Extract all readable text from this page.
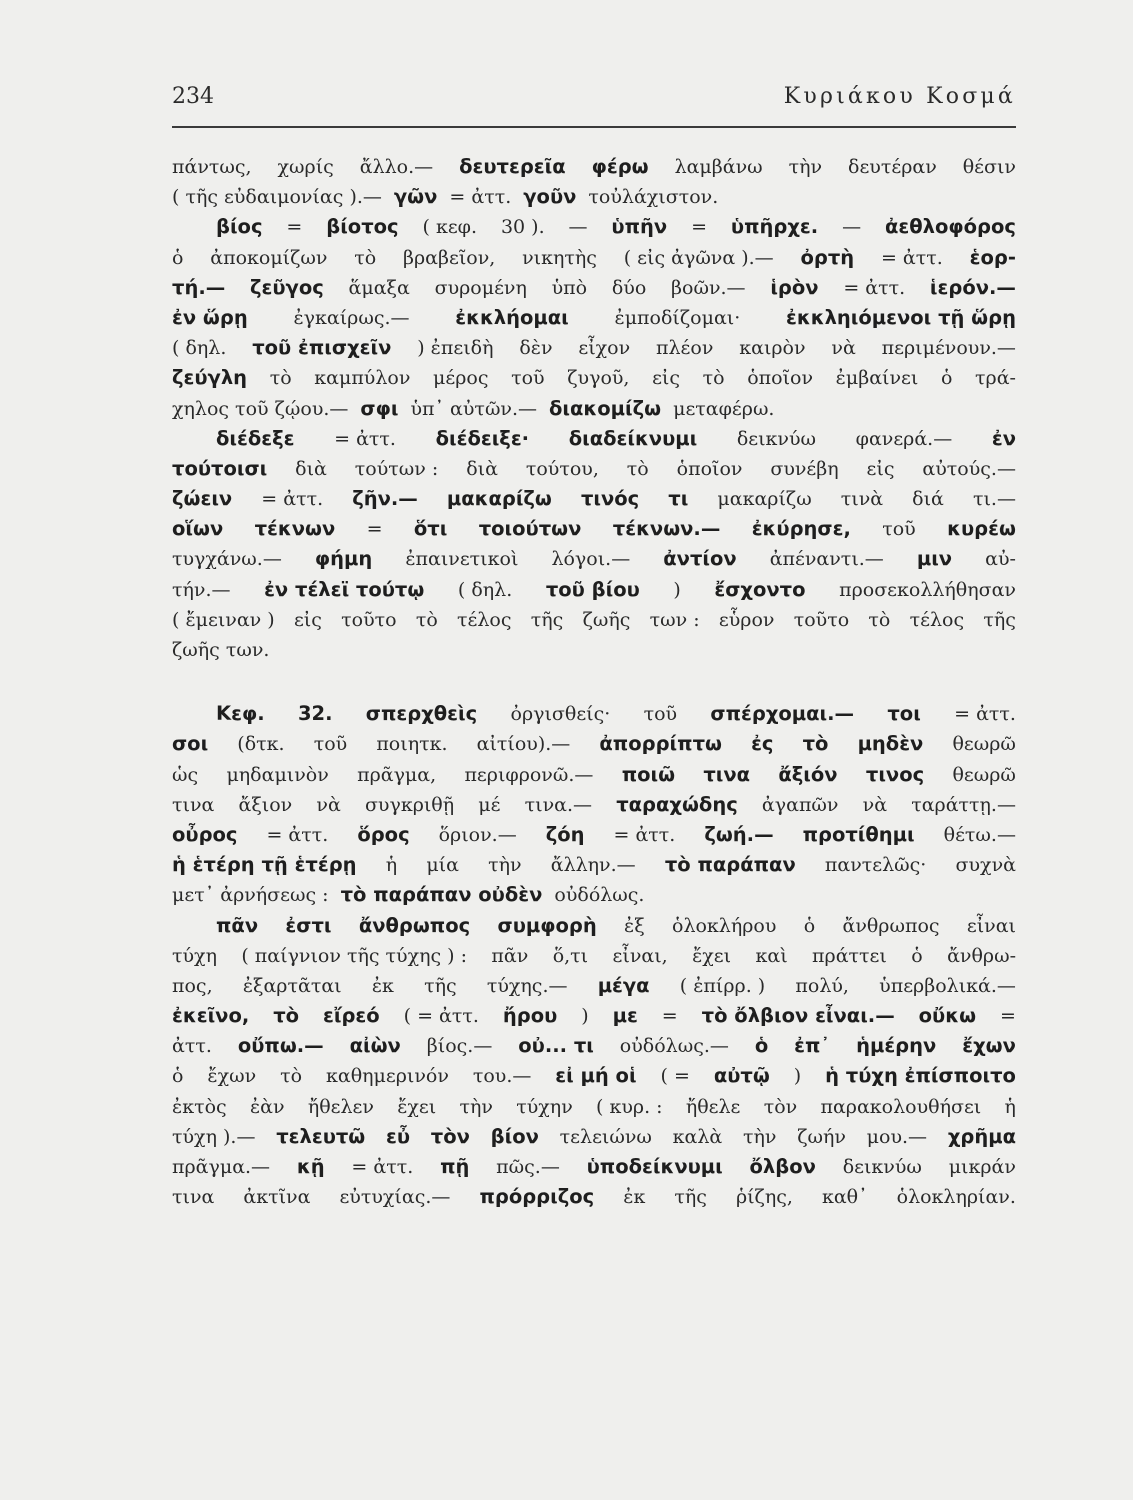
234	Κυριάκου Κοσμά
πάντως, χωρίς ἄλλο.— δευτερεῖα φέρω λαμβάνω τὴν δευτέραν θέσιν
( τῆς εὐδαιμονίας ).— γῶν = ἀττ. γοῦν τοὐλάχιστον.
βίος = βίοτος ( κεφ. 30 ). — ὑπῆν = ὑπῆρχε. — ἀεθλοφόρος
ὁ ἀποκομίζων τὸ βραβεῖον, νικητὴς ( εἰς ἀγῶνα ).— ὀρτὴ = ἀττ. ἑορ-
τή.— ζεῦγος ἅμαξα συρομένη ὑπὸ δύο βοῶν.— ἱρὸν = ἀττ. ἱερόν.—
ἐν ὥρῃ ἐγκαίρως.— ἐκκλήομαι ἐμποδίζομαι· ἐκκληιόμενοι τῇ ὥρῃ
( δηλ. τοῦ ἐπισχεῖν ) ἐπειδὴ δὲν εἶχον πλέον καιρὸν νὰ περιμένουν.—
ζεύγλη τὸ καμπύλον μέρος τοῦ ζυγοῦ, εἰς τὸ ὁποῖον ἐμβαίνει ὁ τρά-
χηλος τοῦ ζῴου.— σφι ὑπ᾽ αὐτῶν.— διακομίζω μεταφέρω.
διέδεξε = ἀττ. διέδειξε· διαδείκνυμι δεικνύω φανερά.— ἐν
τούτοισι διὰ τούτων : διὰ τούτου, τὸ ὁποῖον συνέβη εἰς αὐτούς.—
ζώειν = ἀττ. ζῆν.— μακαρίζω τινός τι μακαρίζω τινὰ διά τι.—
οἵων τέκνων = ὅτι τοιούτων τέκνων.— ἐκύρησε, τοῦ κυρέω
τυγχάνω.— φήμη ἐπαινετικοὶ λόγοι.— ἀντίον ἀπέναντι.— μιν αὐ-
τήν.— ἐν τέλεϊ τούτῳ ( δηλ. τοῦ βίου ) ἔσχοντο προσεκολλήθησαν
( ἔμειναν ) εἰς τοῦτο τὸ τέλος τῆς ζωῆς των : εὗρον τοῦτο τὸ τέλος τῆς
ζωῆς των.
Κεφ. 32. σπερχθεὶς ὀργισθείς· τοῦ σπέρχομαι.— τοι = ἀττ.
σοι (δτκ. τοῦ ποιητκ. αἰτίου).— ἀπορρίπτω ἐς τὸ μηδὲν θεωρῶ
ὡς μηδαμινὸν πρᾶγμα, περιφρονῶ.— ποιῶ τινα ἄξιόν τινος θεωρῶ
τινα ἄξιον νὰ συγκριθῇ μέ τινα.— ταραχώδης ἀγαπῶν νὰ ταράττῃ.—
οὖρος = ἀττ. ὅρος ὅριον.— ζόη = ἀττ. ζωή.— προτίθημι θέτω.—
ἡ ἑτέρη τῇ ἑτέρῃ ἡ μία τὴν ἄλλην.— τὸ παράπαν παντελῶς· συχνὰ
μετ᾽ ἀρνήσεως : τὸ παράπαν οὐδὲν οὐδόλως.
πᾶν ἐστι ἄνθρωπος συμφορὴ ἐξ ὁλοκλήρου ὁ ἄνθρωπος εἶναι
τύχη ( παίγνιον τῆς τύχης ) : πᾶν ὅ,τι εἶναι, ἔχει καὶ πράττει ὁ ἄνθρω-
πος, ἐξαρτᾶται ἐκ τῆς τύχης.— μέγα ( ἐπίρρ. ) πολύ, ὑπερβολικά.—
ἐκεῖνο, τὸ εἴρεό ( = ἀττ. ἤρου ) με = τὸ ὄλβιον εἶναι.— οὔκω =
ἀττ. οὔπω.— αἰὼν βίος.— οὐ... τι οὐδόλως.— ὁ ἐπ᾽ ἡμέρην ἔχων
ὁ ἔχων τὸ καθημερινόν του.— εἰ μή οἱ ( = αὐτῷ ) ἡ τύχη ἐπίσποιτο
ἐκτὸς ἐὰν ἤθελεν ἔχει τὴν τύχην ( κυρ. : ἤθελε τὸν παρακολουθήσει ἡ
τύχη ).— τελευτῶ εὖ τὸν βίον τελειώνω καλὰ τὴν ζωήν μου.— χρῆμα
πρᾶγμα.— κῇ = ἀττ. πῇ πῶς.— ὑποδείκνυμι ὄλβον δεικνύω μικράν
τινα ἀκτῖνα εὐτυχίας.— πρόρριζος ἐκ τῆς ῥίζης, καθ᾽ ὁλοκληρίαν.
